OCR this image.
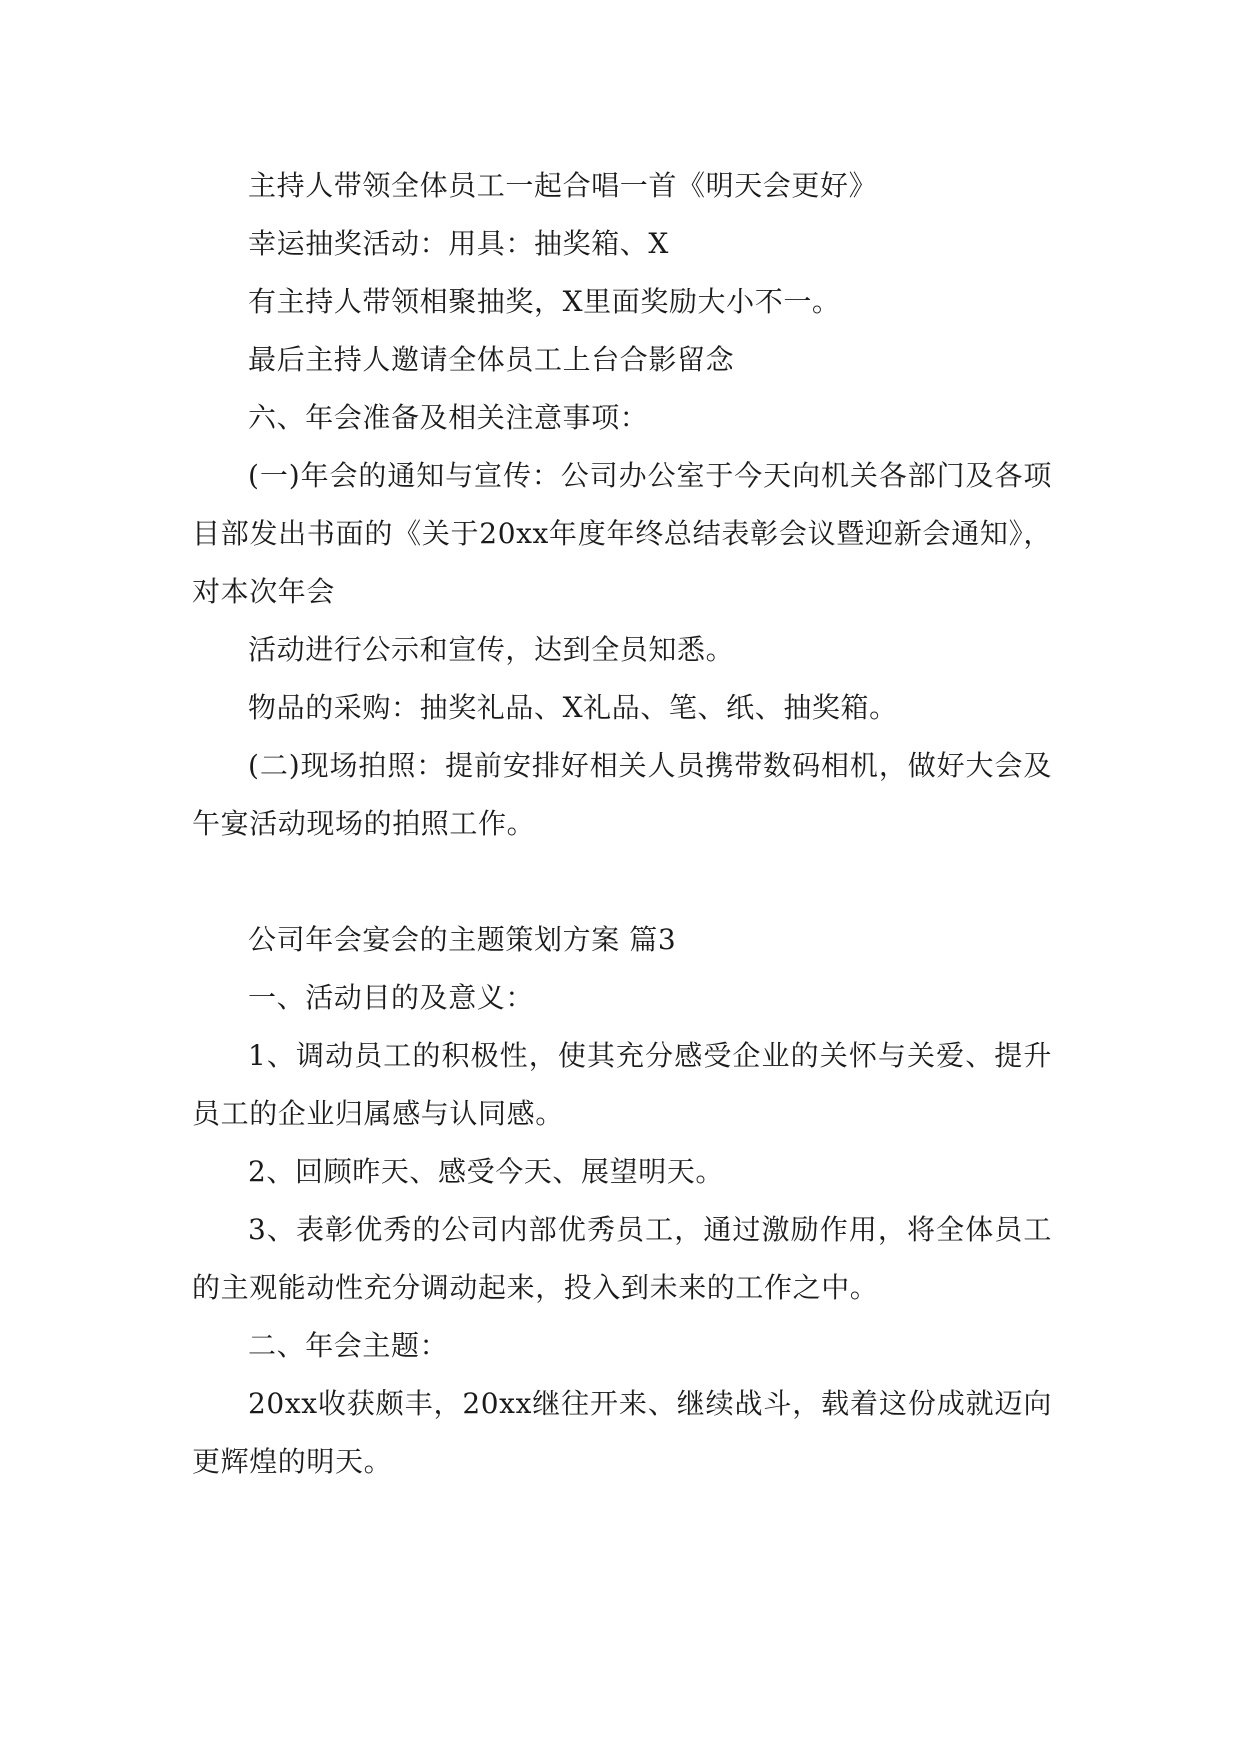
主持人带领全体员工一起合唱一首《明天会更好》

幸运抽奖活动：用具：抽奖箱、X

有主持人带领相聚抽奖，X里面奖励大小不一。

最后主持人邀请全体员工上台合影留念

六、年会准备及相关注意事项：

(一)年会的通知与宣传：公司办公室于今天向机关各部门及各项目部发出书面的《关于20xx年度年终总结表彰会议暨迎新会通知》，对本次年会

活动进行公示和宣传，达到全员知悉。

物品的采购：抽奖礼品、X礼品、笔、纸、抽奖箱。

(二)现场拍照：提前安排好相关人员携带数码相机，做好大会及午宴活动现场的拍照工作。

公司年会宴会的主题策划方案 篇3

一、活动目的及意义：

1、调动员工的积极性，使其充分感受企业的关怀与关爱、提升员工的企业归属感与认同感。

2、回顾昨天、感受今天、展望明天。

3、表彰优秀的公司内部优秀员工，通过激励作用，将全体员工的主观能动性充分调动起来，投入到未来的工作之中。

二、年会主题：

20xx收获颇丰，20xx继往开来、继续战斗，载着这份成就迈向更辉煌的明天。
